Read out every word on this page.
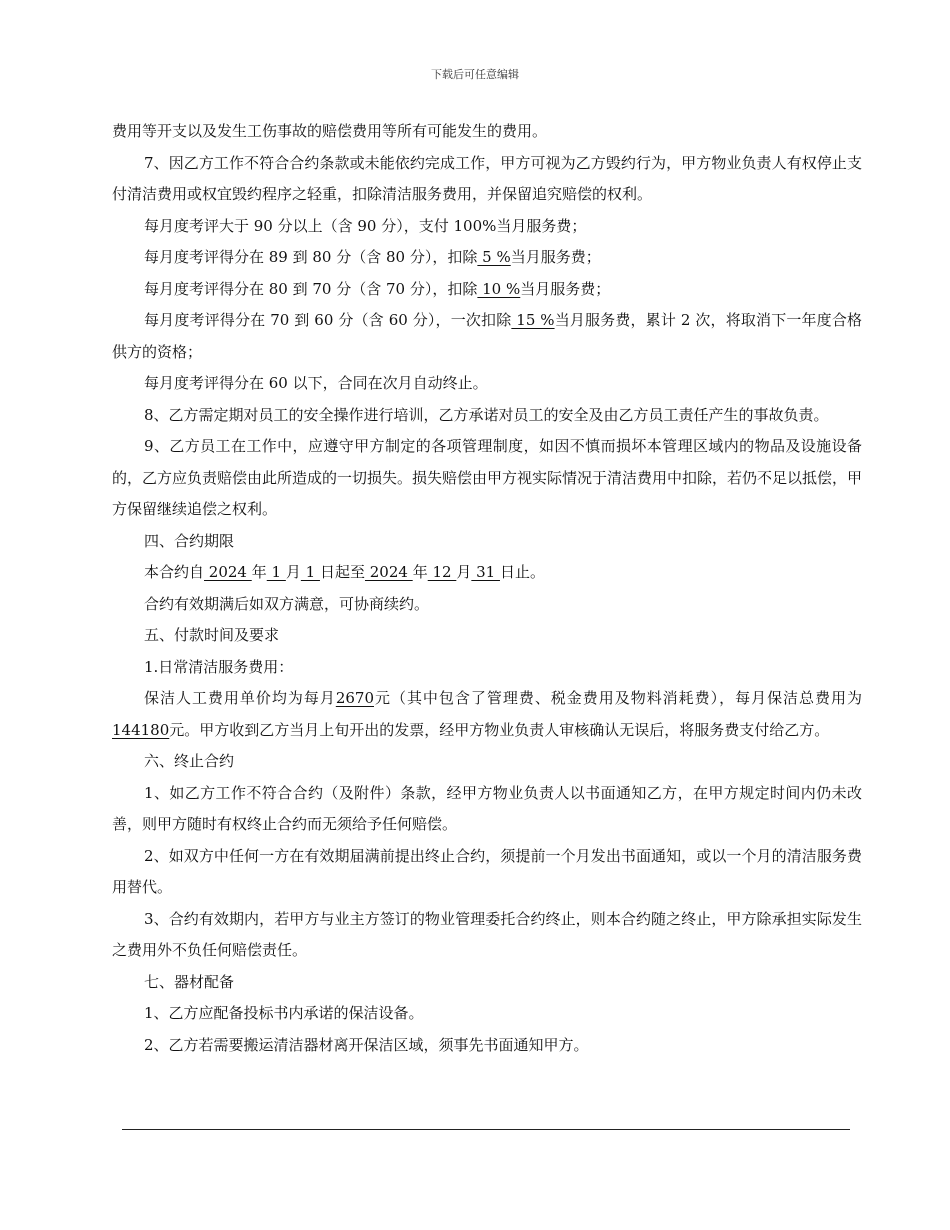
下载后可任意编辑

费用等开支以及发生工伤事故的赔偿费用等所有可能发生的费用。

7、因乙方工作不符合合约条款或未能依约完成工作，甲方可视为乙方毁约行为，甲方物业负责人有权停止支付清洁费用或权宜毁约程序之轻重，扣除清洁服务费用，并保留追究赔偿的权利。

每月度考评大于 90 分以上（含 90 分），支付 100%当月服务费；

每月度考评得分在 89 到 80 分（含 80 分），扣除 5 %当月服务费；

每月度考评得分在 80 到 70 分（含 70 分），扣除 10 %当月服务费；

每月度考评得分在 70 到 60 分（含 60 分），一次扣除 15 %当月服务费，累计 2 次，将取消下一年度合格供方的资格；

每月度考评得分在 60 以下，合同在次月自动终止。

8、乙方需定期对员工的安全操作进行培训，乙方承诺对员工的安全及由乙方员工责任产生的事故负责。

9、乙方员工在工作中，应遵守甲方制定的各项管理制度，如因不慎而损坏本管理区域内的物品及设施设备的，乙方应负责赔偿由此所造成的一切损失。损失赔偿由甲方视实际情况于清洁费用中扣除，若仍不足以抵偿，甲方保留继续追偿之权利。

四、合约期限

本合约自 2024 年 1 月 1 日起至 2024 年 12 月 31 日止。

合约有效期满后如双方满意，可协商续约。

五、付款时间及要求

1.日常清洁服务费用：

保洁人工费用单价均为每月2670元（其中包含了管理费、税金费用及物料消耗费），每月保洁总费用为 144180元。甲方收到乙方当月上旬开出的发票，经甲方物业负责人审核确认无误后，将服务费支付给乙方。

六、终止合约

1、如乙方工作不符合合约（及附件）条款，经甲方物业负责人以书面通知乙方，在甲方规定时间内仍未改善，则甲方随时有权终止合约而无须给予任何赔偿。

2、如双方中任何一方在有效期届满前提出终止合约，须提前一个月发出书面通知，或以一个月的清洁服务费用替代。

3、合约有效期内，若甲方与业主方签订的物业管理委托合约终止，则本合约随之终止，甲方除承担实际发生之费用外不负任何赔偿责任。

七、器材配备

1、乙方应配备投标书内承诺的保洁设备。

2、乙方若需要搬运清洁器材离开保洁区域，须事先书面通知甲方。
